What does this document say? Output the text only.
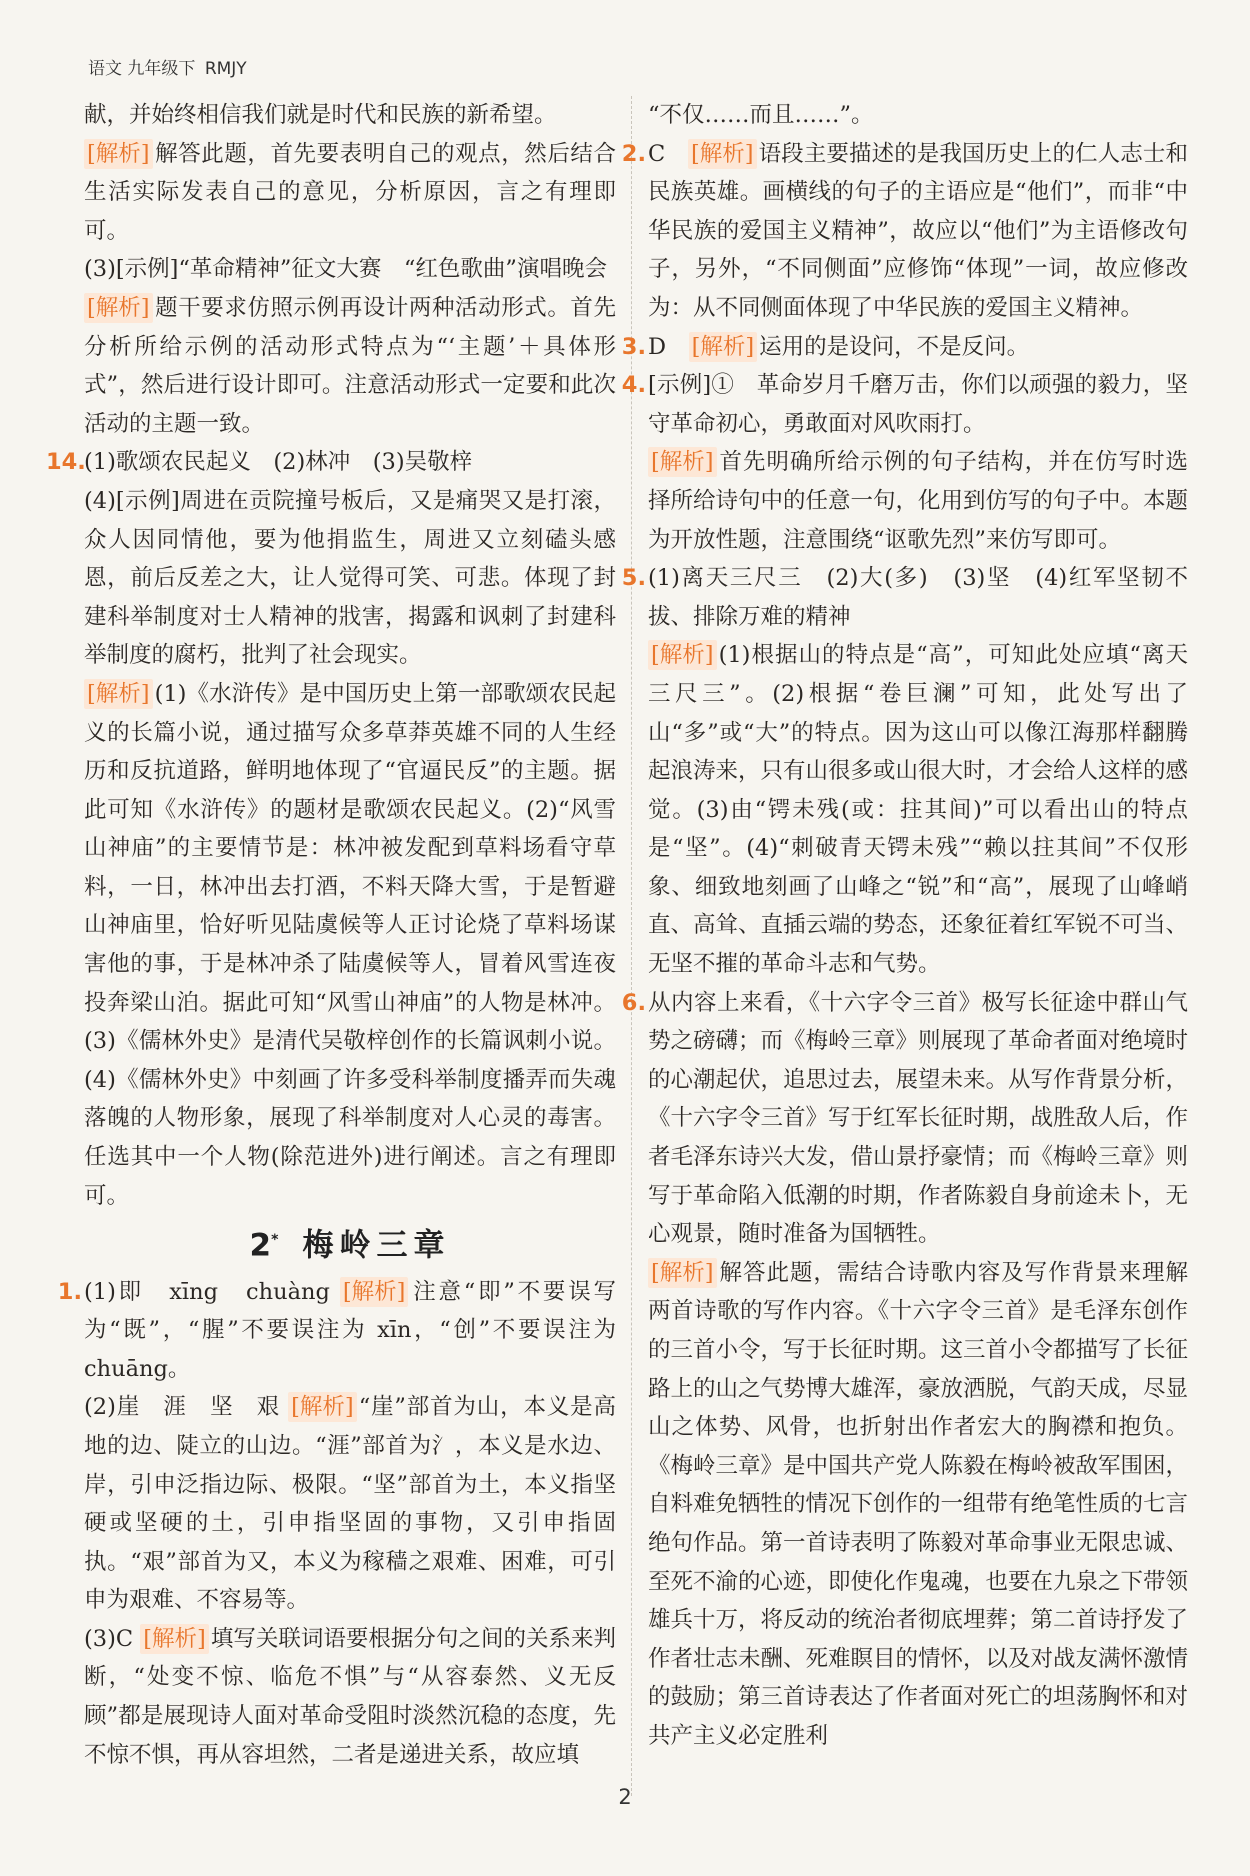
语文 九年级下 RMJY

献，并始终相信我们就是时代和民族的新希望。

[解析] 解答此题，首先要表明自己的观点，然后结合生活实际发表自己的意见，分析原因，言之有理即可。

(3)[示例]“革命精神”征文大赛　“红色歌曲”演唱晚会

[解析] 题干要求仿照示例再设计两种活动形式。首先分析所给示例的活动形式特点为“‘主题’＋具体形式”，然后进行设计即可。注意活动形式一定要和此次活动的主题一致。

14.

(1)歌颂农民起义　(2)林冲　(3)吴敬梓

(4)[示例]周进在贡院撞号板后，又是痛哭又是打滚，众人因同情他，要为他捐监生，周进又立刻磕头感恩，前后反差之大，让人觉得可笑、可悲。体现了封建科举制度对士人精神的戕害，揭露和讽刺了封建科举制度的腐朽，批判了社会现实。

[解析] (1)《水浒传》是中国历史上第一部歌颂农民起义的长篇小说，通过描写众多草莽英雄不同的人生经历和反抗道路，鲜明地体现了“官逼民反”的主题。据此可知《水浒传》的题材是歌颂农民起义。(2)“风雪山神庙”的主要情节是：林冲被发配到草料场看守草料，一日，林冲出去打酒，不料天降大雪，于是暂避山神庙里，恰好听见陆虞候等人正讨论烧了草料场谋害他的事，于是林冲杀了陆虞候等人，冒着风雪连夜投奔梁山泊。据此可知“风雪山神庙”的人物是林冲。(3)《儒林外史》是清代吴敬梓创作的长篇讽刺小说。(4)《儒林外史》中刻画了许多受科举制度播弄而失魂落魄的人物形象，展现了科举制度对人心灵的毒害。任选其中一个人物(除范进外)进行阐述。言之有理即可。

2* 梅岭三章
1. (1)即　xīng　chuàng [解析] 注意“即”不要误写为“既”，“腥”不要误注为 xīn，“创”不要误注为 chuāng。

(2)崖　涯　坚　艰 [解析] “崖”部首为山，本义是高地的边、陡立的山边。“涯”部首为氵，本义是水边、岸，引申泛指边际、极限。“坚”部首为土，本义指坚硬或坚硬的土，引申指坚固的事物，又引申指固执。“艰”部首为又，本义为稼穑之艰难、困难，可引申为艰难、不容易等。

(3)C [解析] 填写关联词语要根据分句之间的关系来判断，“处变不惊、临危不惧”与“从容泰然、义无反顾”都是展现诗人面对革命受阻时淡然沉稳的态度，先不惊不惧，再从容坦然，二者是递进关系，故应填

“不仅……而且……”。

2. C　 [解析] 语段主要描述的是我国历史上的仁人志士和民族英雄。画横线的句子的主语应是“他们”，而非“中华民族的爱国主义精神”，故应以“他们”为主语修改句子，另外，“不同侧面”应修饰“体现”一词，故应修改为：从不同侧面体现了中华民族的爱国主义精神。

3. D　 [解析] 运用的是设问，不是反问。

4. [示例]①　革命岁月千磨万击，你们以顽强的毅力，坚守革命初心，勇敢面对风吹雨打。

[解析] 首先明确所给示例的句子结构，并在仿写时选择所给诗句中的任意一句，化用到仿写的句子中。本题为开放性题，注意围绕“讴歌先烈”来仿写即可。

5. (1)离天三尺三　(2)大(多)　(3)坚　(4)红军坚韧不拔、排除万难的精神

[解析] (1)根据山的特点是“高”，可知此处应填“离天三尺三”。(2)根据“卷巨澜”可知，此处写出了山“多”或“大”的特点。因为这山可以像江海那样翻腾起浪涛来，只有山很多或山很大时，才会给人这样的感觉。(3)由“锷未残(或：拄其间)”可以看出山的特点是“坚”。(4)“刺破青天锷未残”“赖以拄其间”不仅形象、细致地刻画了山峰之“锐”和“高”，展现了山峰峭直、高耸、直插云端的势态，还象征着红军锐不可当、无坚不摧的革命斗志和气势。

6. 从内容上来看，《十六字令三首》极写长征途中群山气势之磅礴；而《梅岭三章》则展现了革命者面对绝境时的心潮起伏，追思过去，展望未来。从写作背景分析，《十六字令三首》写于红军长征时期，战胜敌人后，作者毛泽东诗兴大发，借山景抒豪情；而《梅岭三章》则写于革命陷入低潮的时期，作者陈毅自身前途未卜，无心观景，随时准备为国牺牲。

[解析] 解答此题，需结合诗歌内容及写作背景来理解两首诗歌的写作内容。《十六字令三首》是毛泽东创作的三首小令，写于长征时期。这三首小令都描写了长征路上的山之气势博大雄浑，豪放洒脱，气韵天成，尽显山之体势、风骨，也折射出作者宏大的胸襟和抱负。《梅岭三章》是中国共产党人陈毅在梅岭被敌军围困，自料难免牺牲的情况下创作的一组带有绝笔性质的七言绝句作品。第一首诗表明了陈毅对革命事业无限忠诚、至死不渝的心迹，即使化作鬼魂，也要在九泉之下带领雄兵十万，将反动的统治者彻底埋葬；第二首诗抒发了作者壮志未酬、死难瞑目的情怀，以及对战友满怀激情的鼓励；第三首诗表达了作者面对死亡的坦荡胸怀和对共产主义必定胜利

2
